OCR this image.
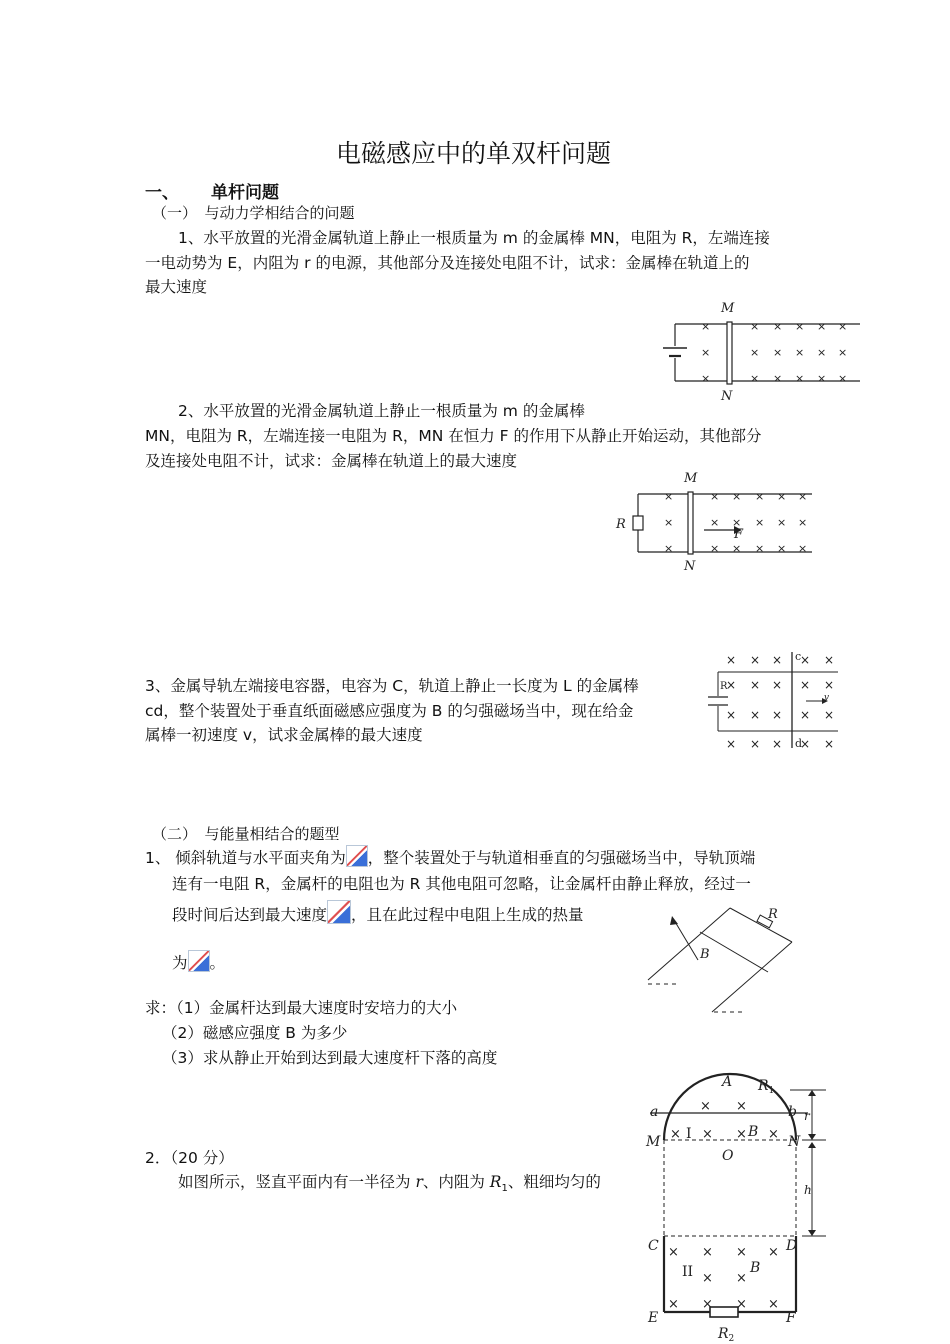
电磁感应中的单双杆问题
一、 单杆问题
（一）　与动力学相结合的问题
1、水平放置的光滑金属轨道上静止一根质量为 m 的金属棒 MN，电阻为 R，左端连接
一电动势为 E，内阻为 r 的电源，其他部分及连接处电阻不计，试求：金属棒在轨道上的
最大速度
×	× × × × ×
×	× × × × ×
×	× × × × ×
M
N
2、水平放置的光滑金属轨道上静止一根质量为 m 的金属棒
MN，电阻为 R，左端连接一电阻为 R，MN 在恒力 F 的作用下从静止开始运动，其他部分
及连接处电阻不计，试求：金属棒在轨道上的最大速度
×	× × × × ×
×	× × × × ×
×	× × × × ×
M
N
R
F
3、金属导轨左端接电容器，电容为 C，轨道上静止一长度为 L 的金属棒
cd，整个装置处于垂直纸面磁感应强度为 B 的匀强磁场当中，现在给金
属棒一初速度 v，试求金属棒的最大速度
× × × × ×
× × × × ×
× × × × ×
× × × × ×
c
d
R
v
（二）　与能量相结合的题型
1、 倾斜轨道与水平面夹角为 ，整个装置处于与轨道相垂直的匀强磁场当中，导轨顶端
连有一电阻 R，金属杆的电阻也为 R 其他电阻可忽略，让金属杆由静止释放，经过一
段时间后达到最大速度 ，且在此过程中电阻上生成的热量
为 。
R
B
求：（1）金属杆达到最大速度时安培力的大小
（2）磁感应强度 B 为多少
（3）求从静止开始到达到最大速度杆下落的高度
2．（20 分）
如图所示，竖直平面内有一半径为 r、内阻为 $R_1$、粗细均匀的
× ×
× × × ×
× × × ×
× ×
× × × ×
A $R_1$
a	b
M	N
B
O
r
h
C	D
B
E	F
$R_2$
I
II
